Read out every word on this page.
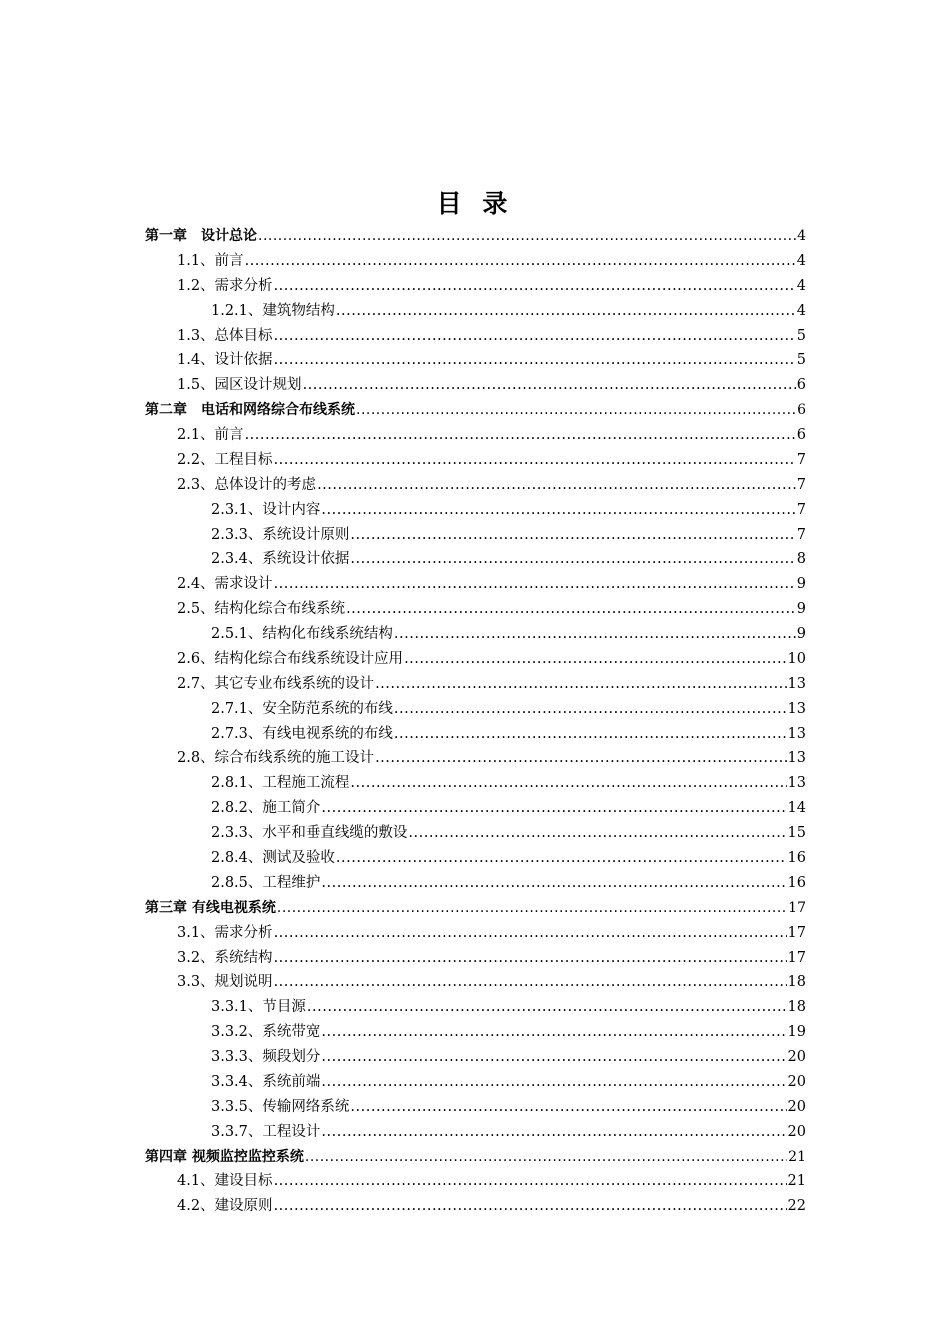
目 录
第一章　设计总论 .....	4
1.1、前言 .....	4
1.2、需求分析 .....	4
1.2.1、建筑物结构 .....	4
1.3、总体目标 .....	5
1.4、设计依据 .....	5
1.5、园区设计规划 .....	6
第二章　电话和网络综合布线系统 .....	6
2.1、前言 .....	6
2.2、工程目标 .....	7
2.3、总体设计的考虑 .....	7
2.3.1、设计内容 .....	7
2.3.3、系统设计原则 .....	7
2.3.4、系统设计依据 .....	8
2.4、需求设计 .....	9
2.5、结构化综合布线系统 .....	9
2.5.1、结构化布线系统结构 .....	9
2.6、结构化综合布线系统设计应用 .....	10
2.7、其它专业布线系统的设计 .....	13
2.7.1、安全防范系统的布线 .....	13
2.7.3、有线电视系统的布线 .....	13
2.8、综合布线系统的施工设计 .....	13
2.8.1、工程施工流程 .....	13
2.8.2、施工简介 .....	14
2.3.3、水平和垂直线缆的敷设 .....	15
2.8.4、测试及验收 .....	16
2.8.5、工程维护 .....	16
第三章 有线电视系统 .....	17
3.1、需求分析 .....	17
3.2、系统结构 .....	17
3.3、规划说明 .....	18
3.3.1、节目源 .....	18
3.3.2、系统带宽 .....	19
3.3.3、频段划分 .....	20
3.3.4、系统前端 .....	20
3.3.5、传输网络系统 .....	20
3.3.7、工程设计 .....	20
第四章 视频监控监控系统 .....	21
4.1、建设目标 .....	21
4.2、建设原则 .....	22
